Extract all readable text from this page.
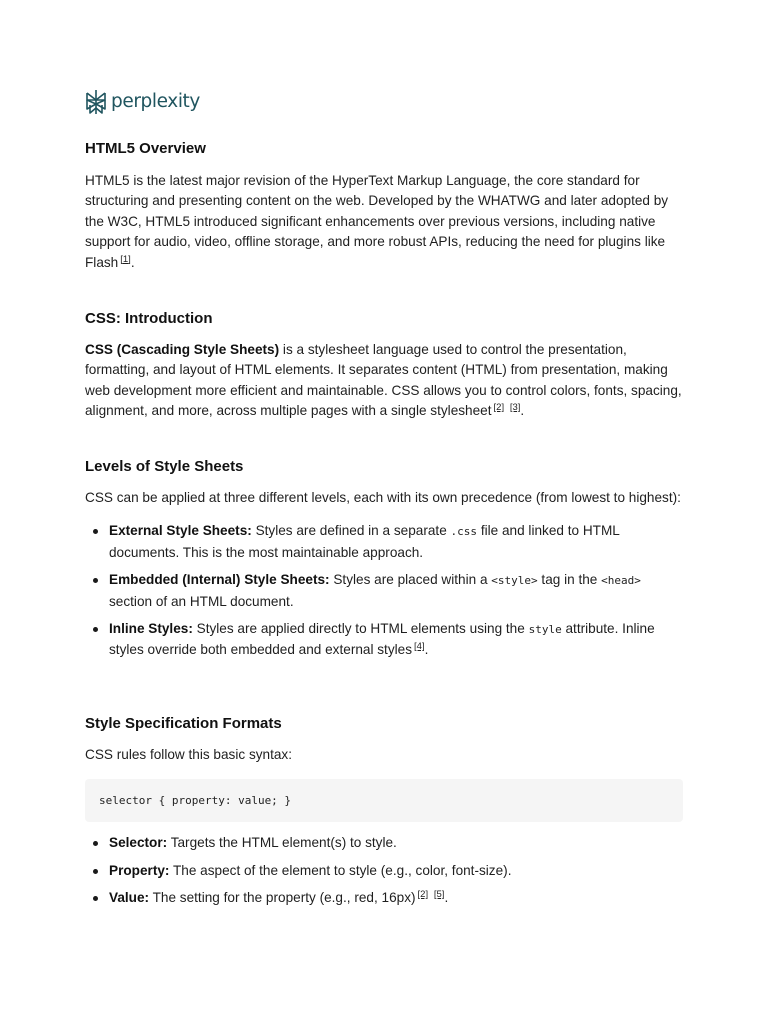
perplexity
HTML5 Overview

HTML5 is the latest major revision of the HyperText Markup Language, the core standard for structuring and presenting content on the web. Developed by the WHATWG and later adopted by the W3C, HTML5 introduced significant enhancements over previous versions, including native support for audio, video, offline storage, and more robust APIs, reducing the need for plugins like Flash [1].

CSS: Introduction

CSS (Cascading Style Sheets) is a stylesheet language used to control the presentation, formatting, and layout of HTML elements. It separates content (HTML) from presentation, making web development more efficient and maintainable. CSS allows you to control colors, fonts, spacing, alignment, and more, across multiple pages with a single stylesheet [2] [3].

Levels of Style Sheets

CSS can be applied at three different levels, each with its own precedence (from lowest to highest):

External Style Sheets: Styles are defined in a separate .css file and linked to HTML documents. This is the most maintainable approach.
Embedded (Internal) Style Sheets: Styles are placed within a <style> tag in the <head> section of an HTML document.
Inline Styles: Styles are applied directly to HTML elements using the style attribute. Inline styles override both embedded and external styles [4].
Style Specification Formats

CSS rules follow this basic syntax:

selector { property: value; }
Selector: Targets the HTML element(s) to style.
Property: The aspect of the element to style (e.g., color, font-size).
Value: The setting for the property (e.g., red, 16px) [2] [5].
